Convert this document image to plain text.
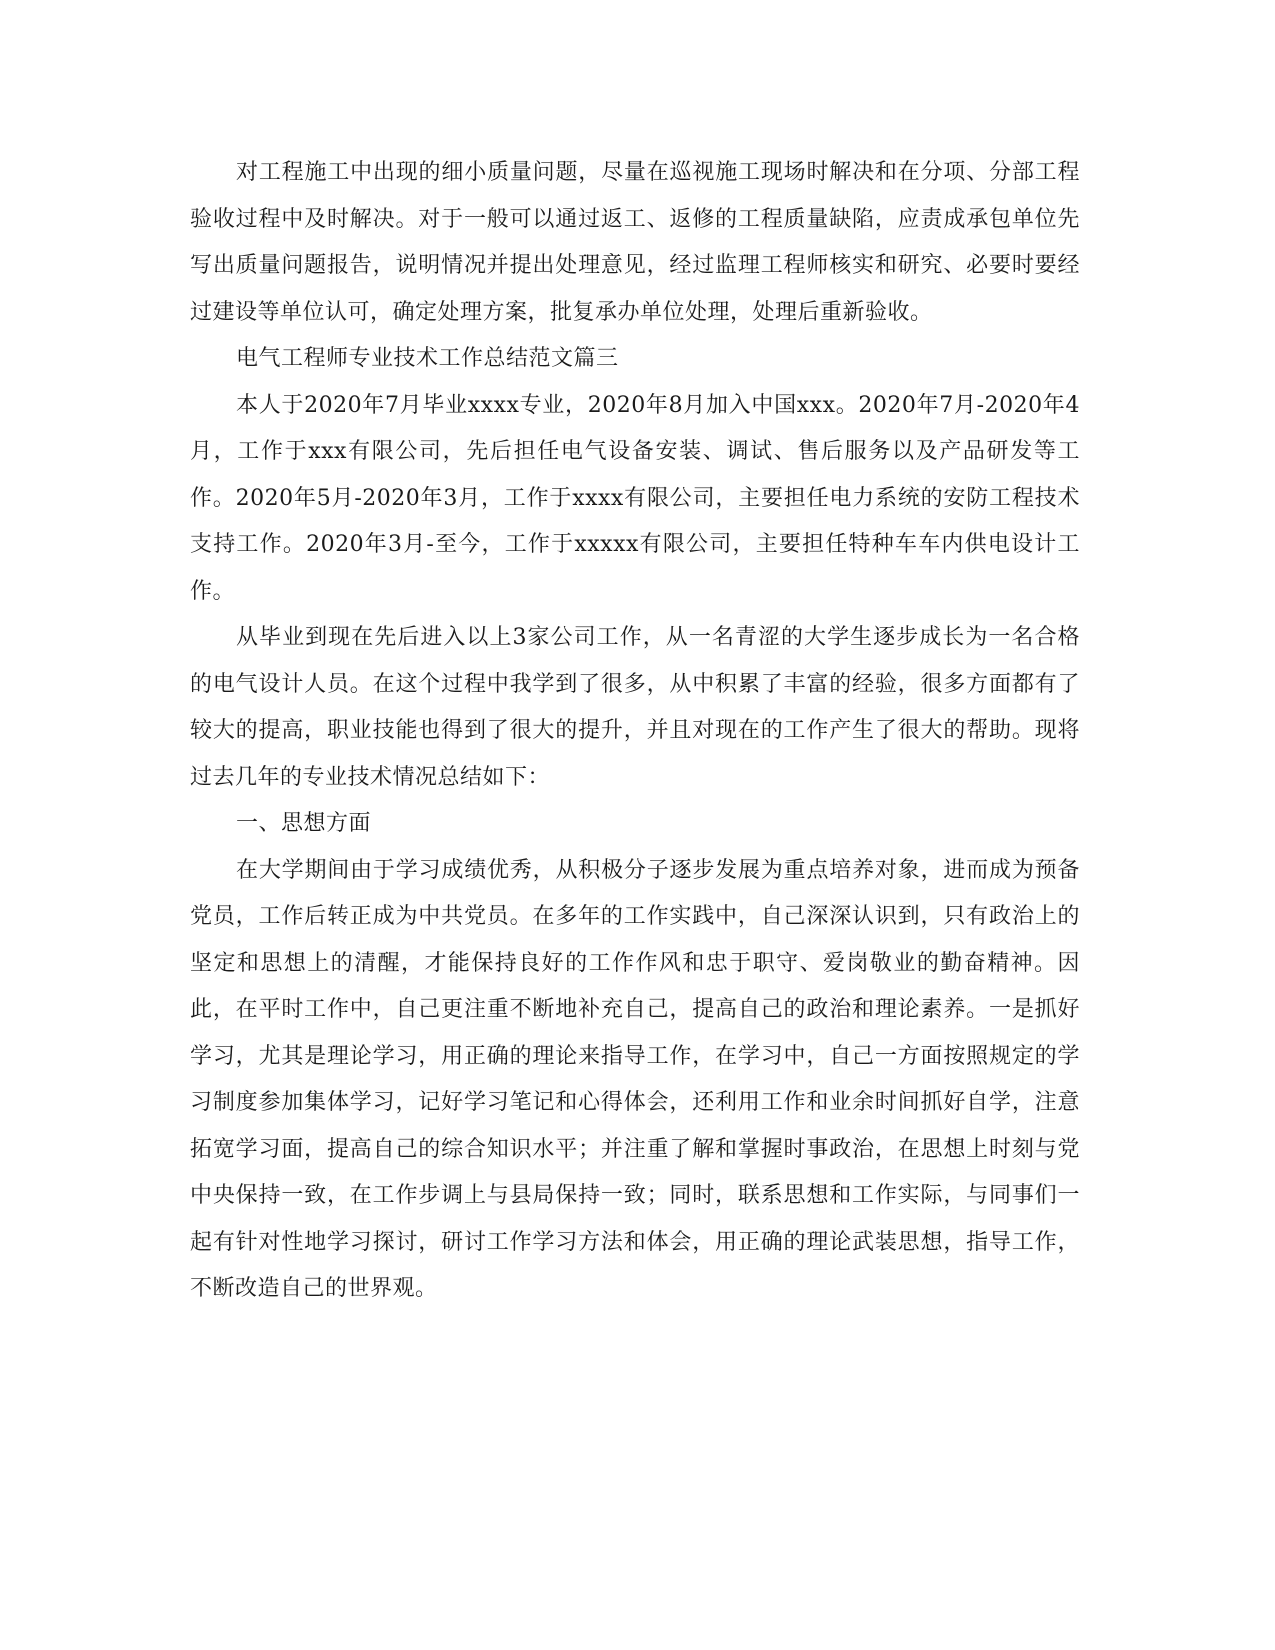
对工程施工中出现的细小质量问题，尽量在巡视施工现场时解决和在分项、分部工程验收过程中及时解决。对于一般可以通过返工、返修的工程质量缺陷，应责成承包单位先写出质量问题报告，说明情况并提出处理意见，经过监理工程师核实和研究、必要时要经过建设等单位认可，确定处理方案，批复承办单位处理，处理后重新验收。

电气工程师专业技术工作总结范文篇三

本人于2020年7月毕业xxxx专业，2020年8月加入中国xxx。2020年7月-2020年4月，工作于xxx有限公司，先后担任电气设备安装、调试、售后服务以及产品研发等工作。2020年5月-2020年3月，工作于xxxx有限公司，主要担任电力系统的安防工程技术支持工作。2020年3月-至今，工作于xxxxx有限公司，主要担任特种车车内供电设计工作。

从毕业到现在先后进入以上3家公司工作，从一名青涩的大学生逐步成长为一名合格的电气设计人员。在这个过程中我学到了很多，从中积累了丰富的经验，很多方面都有了较大的提高，职业技能也得到了很大的提升，并且对现在的工作产生了很大的帮助。现将过去几年的专业技术情况总结如下：

一、思想方面

在大学期间由于学习成绩优秀，从积极分子逐步发展为重点培养对象，进而成为预备党员，工作后转正成为中共党员。在多年的工作实践中，自己深深认识到，只有政治上的坚定和思想上的清醒，才能保持良好的工作作风和忠于职守、爱岗敬业的勤奋精神。因此，在平时工作中，自己更注重不断地补充自己，提高自己的政治和理论素养。一是抓好学习，尤其是理论学习，用正确的理论来指导工作，在学习中，自己一方面按照规定的学习制度参加集体学习，记好学习笔记和心得体会，还利用工作和业余时间抓好自学，注意拓宽学习面，提高自己的综合知识水平；并注重了解和掌握时事政治，在思想上时刻与党中央保持一致，在工作步调上与县局保持一致；同时，联系思想和工作实际，与同事们一起有针对性地学习探讨，研讨工作学习方法和体会，用正确的理论武装思想，指导工作，不断改造自己的世界观。
